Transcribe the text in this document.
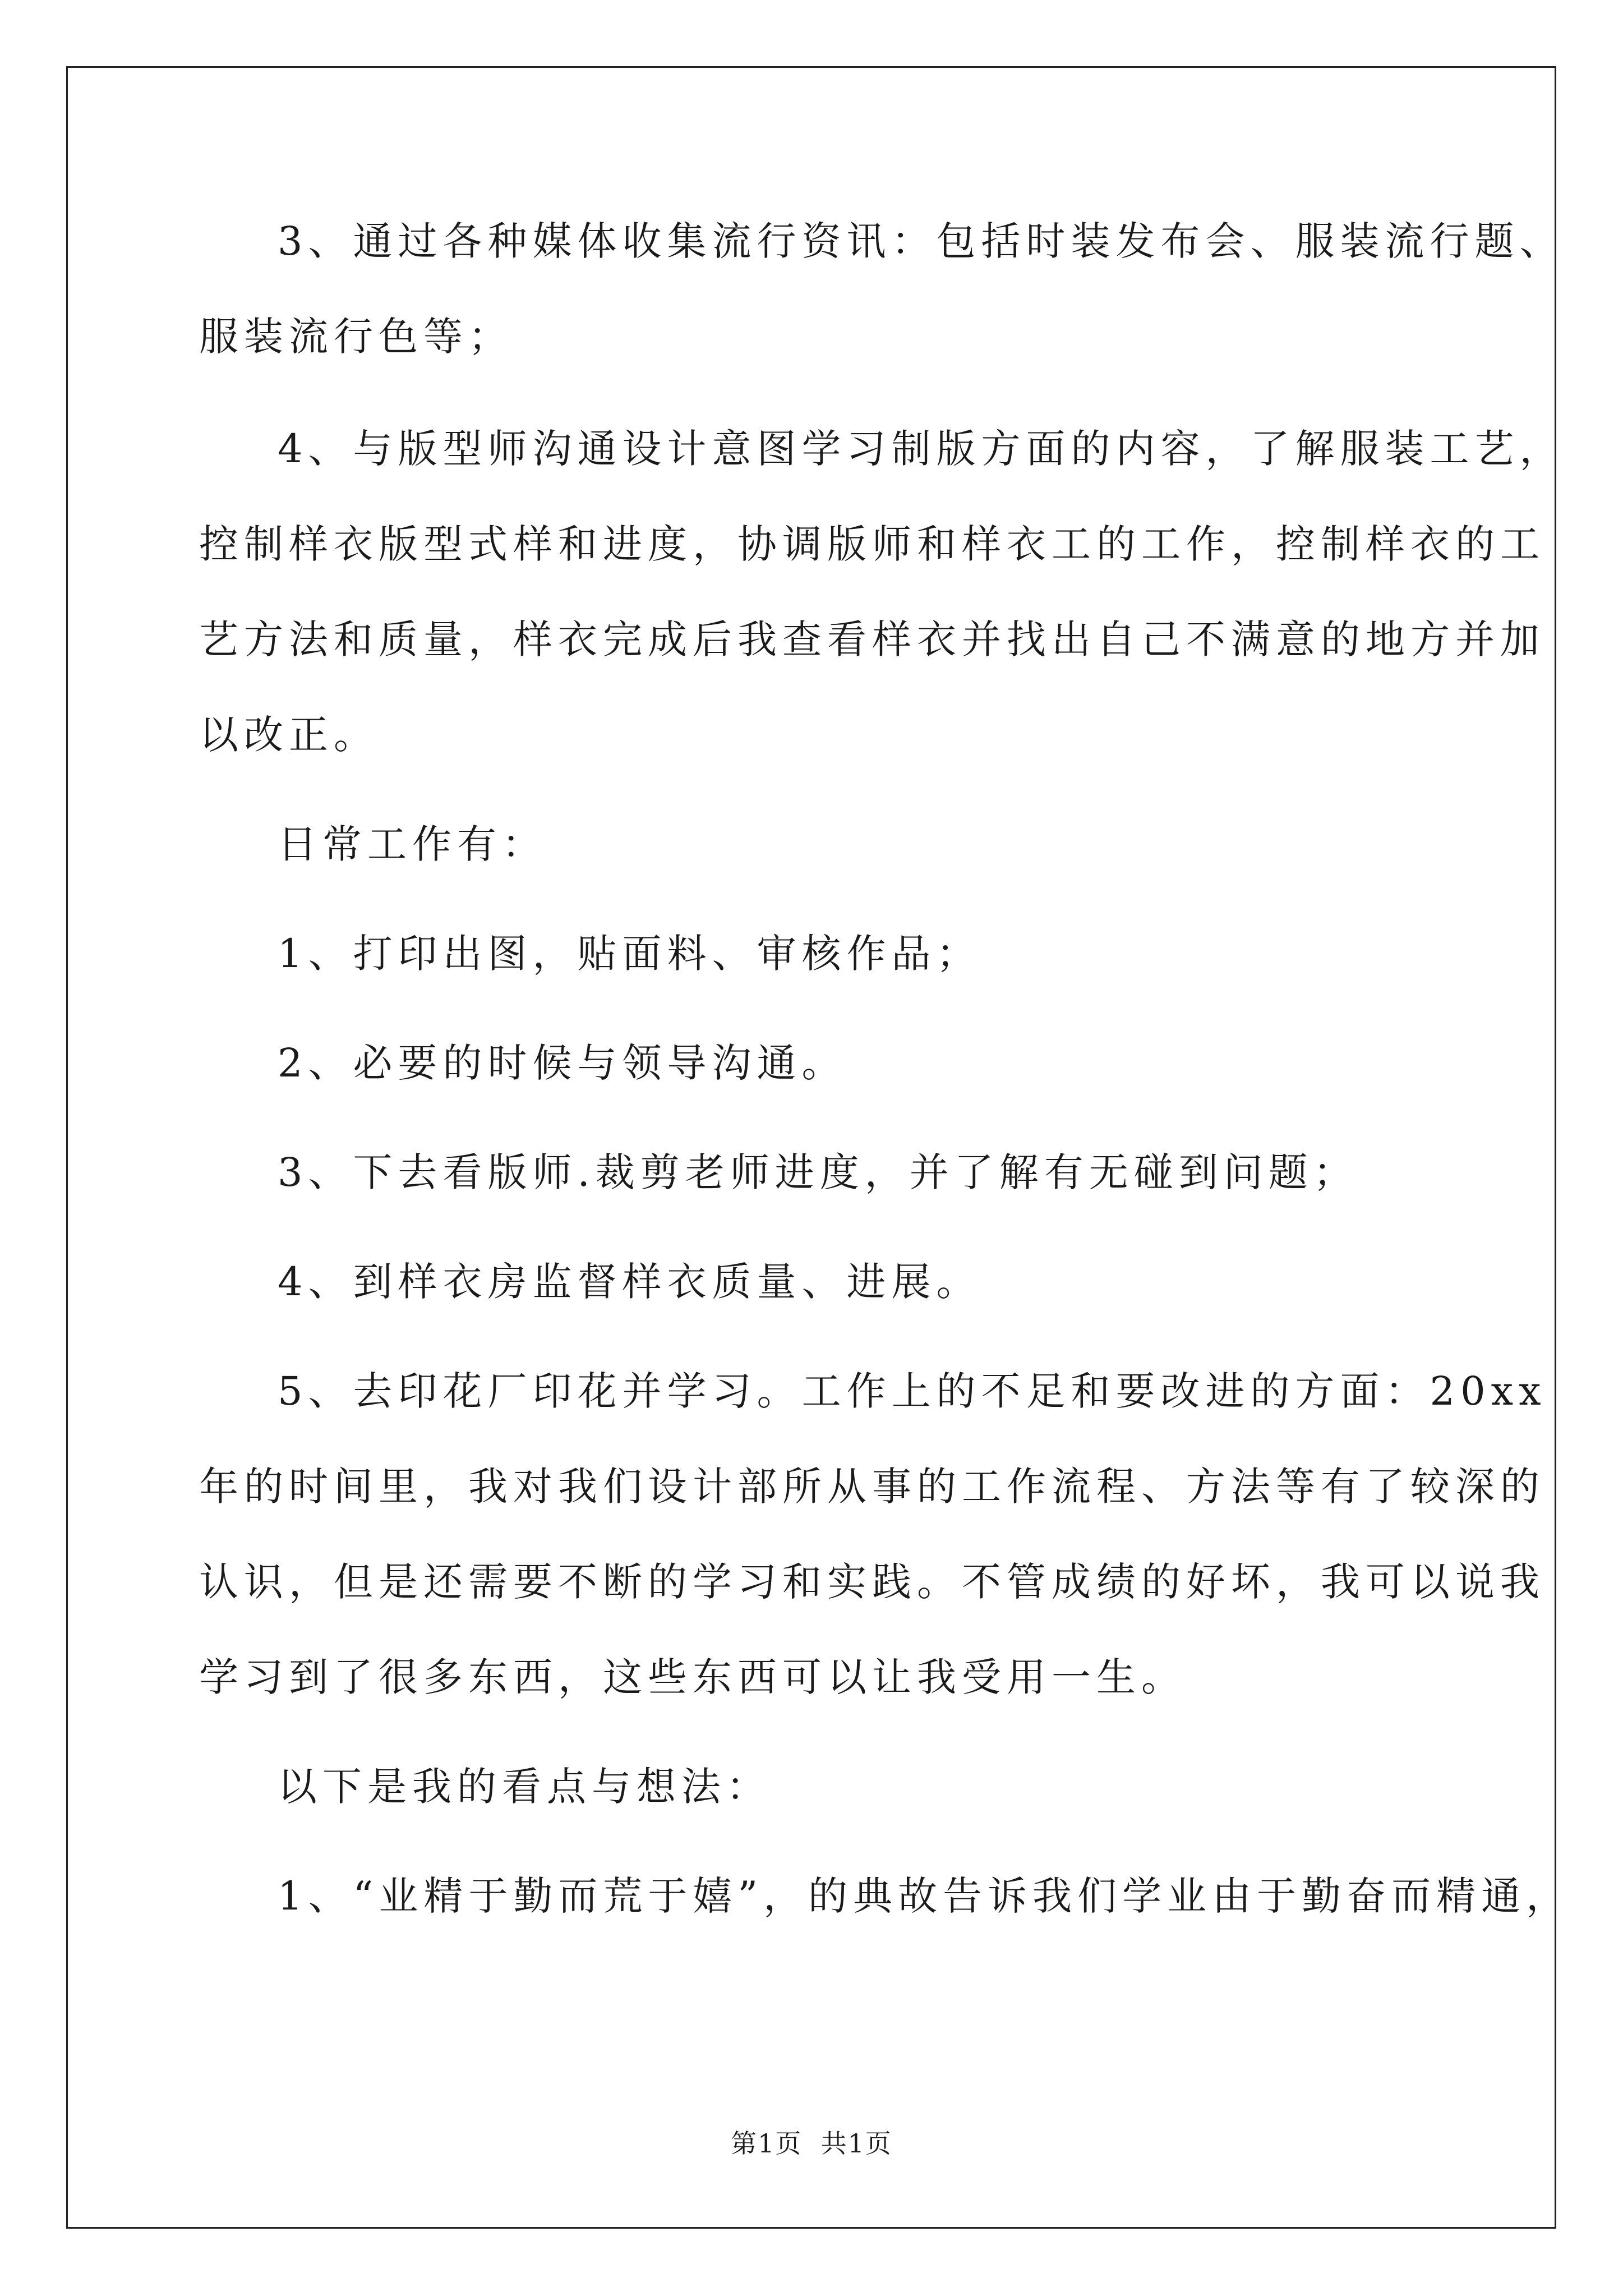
3、通过各种媒体收集流行资讯：包括时装发布会、服装流行题、
服装流行色等；
4、与版型师沟通设计意图学习制版方面的内容，了解服装工艺，
控制样衣版型式样和进度，协调版师和样衣工的工作，控制样衣的工
艺方法和质量，样衣完成后我查看样衣并找出自己不满意的地方并加
以改正。
日常工作有：
1、打印出图，贴面料、审核作品；
2、必要的时候与领导沟通。
3、下去看版师.裁剪老师进度，并了解有无碰到问题；
4、到样衣房监督样衣质量、进展。
5、去印花厂印花并学习。工作上的不足和要改进的方面：20xx
年的时间里，我对我们设计部所从事的工作流程、方法等有了较深的
认识，但是还需要不断的学习和实践。不管成绩的好坏，我可以说我
学习到了很多东西，这些东西可以让我受用一生。
以下是我的看点与想法：
1、“业精于勤而荒于嬉”，的典故告诉我们学业由于勤奋而精通，
第1页  共1页
